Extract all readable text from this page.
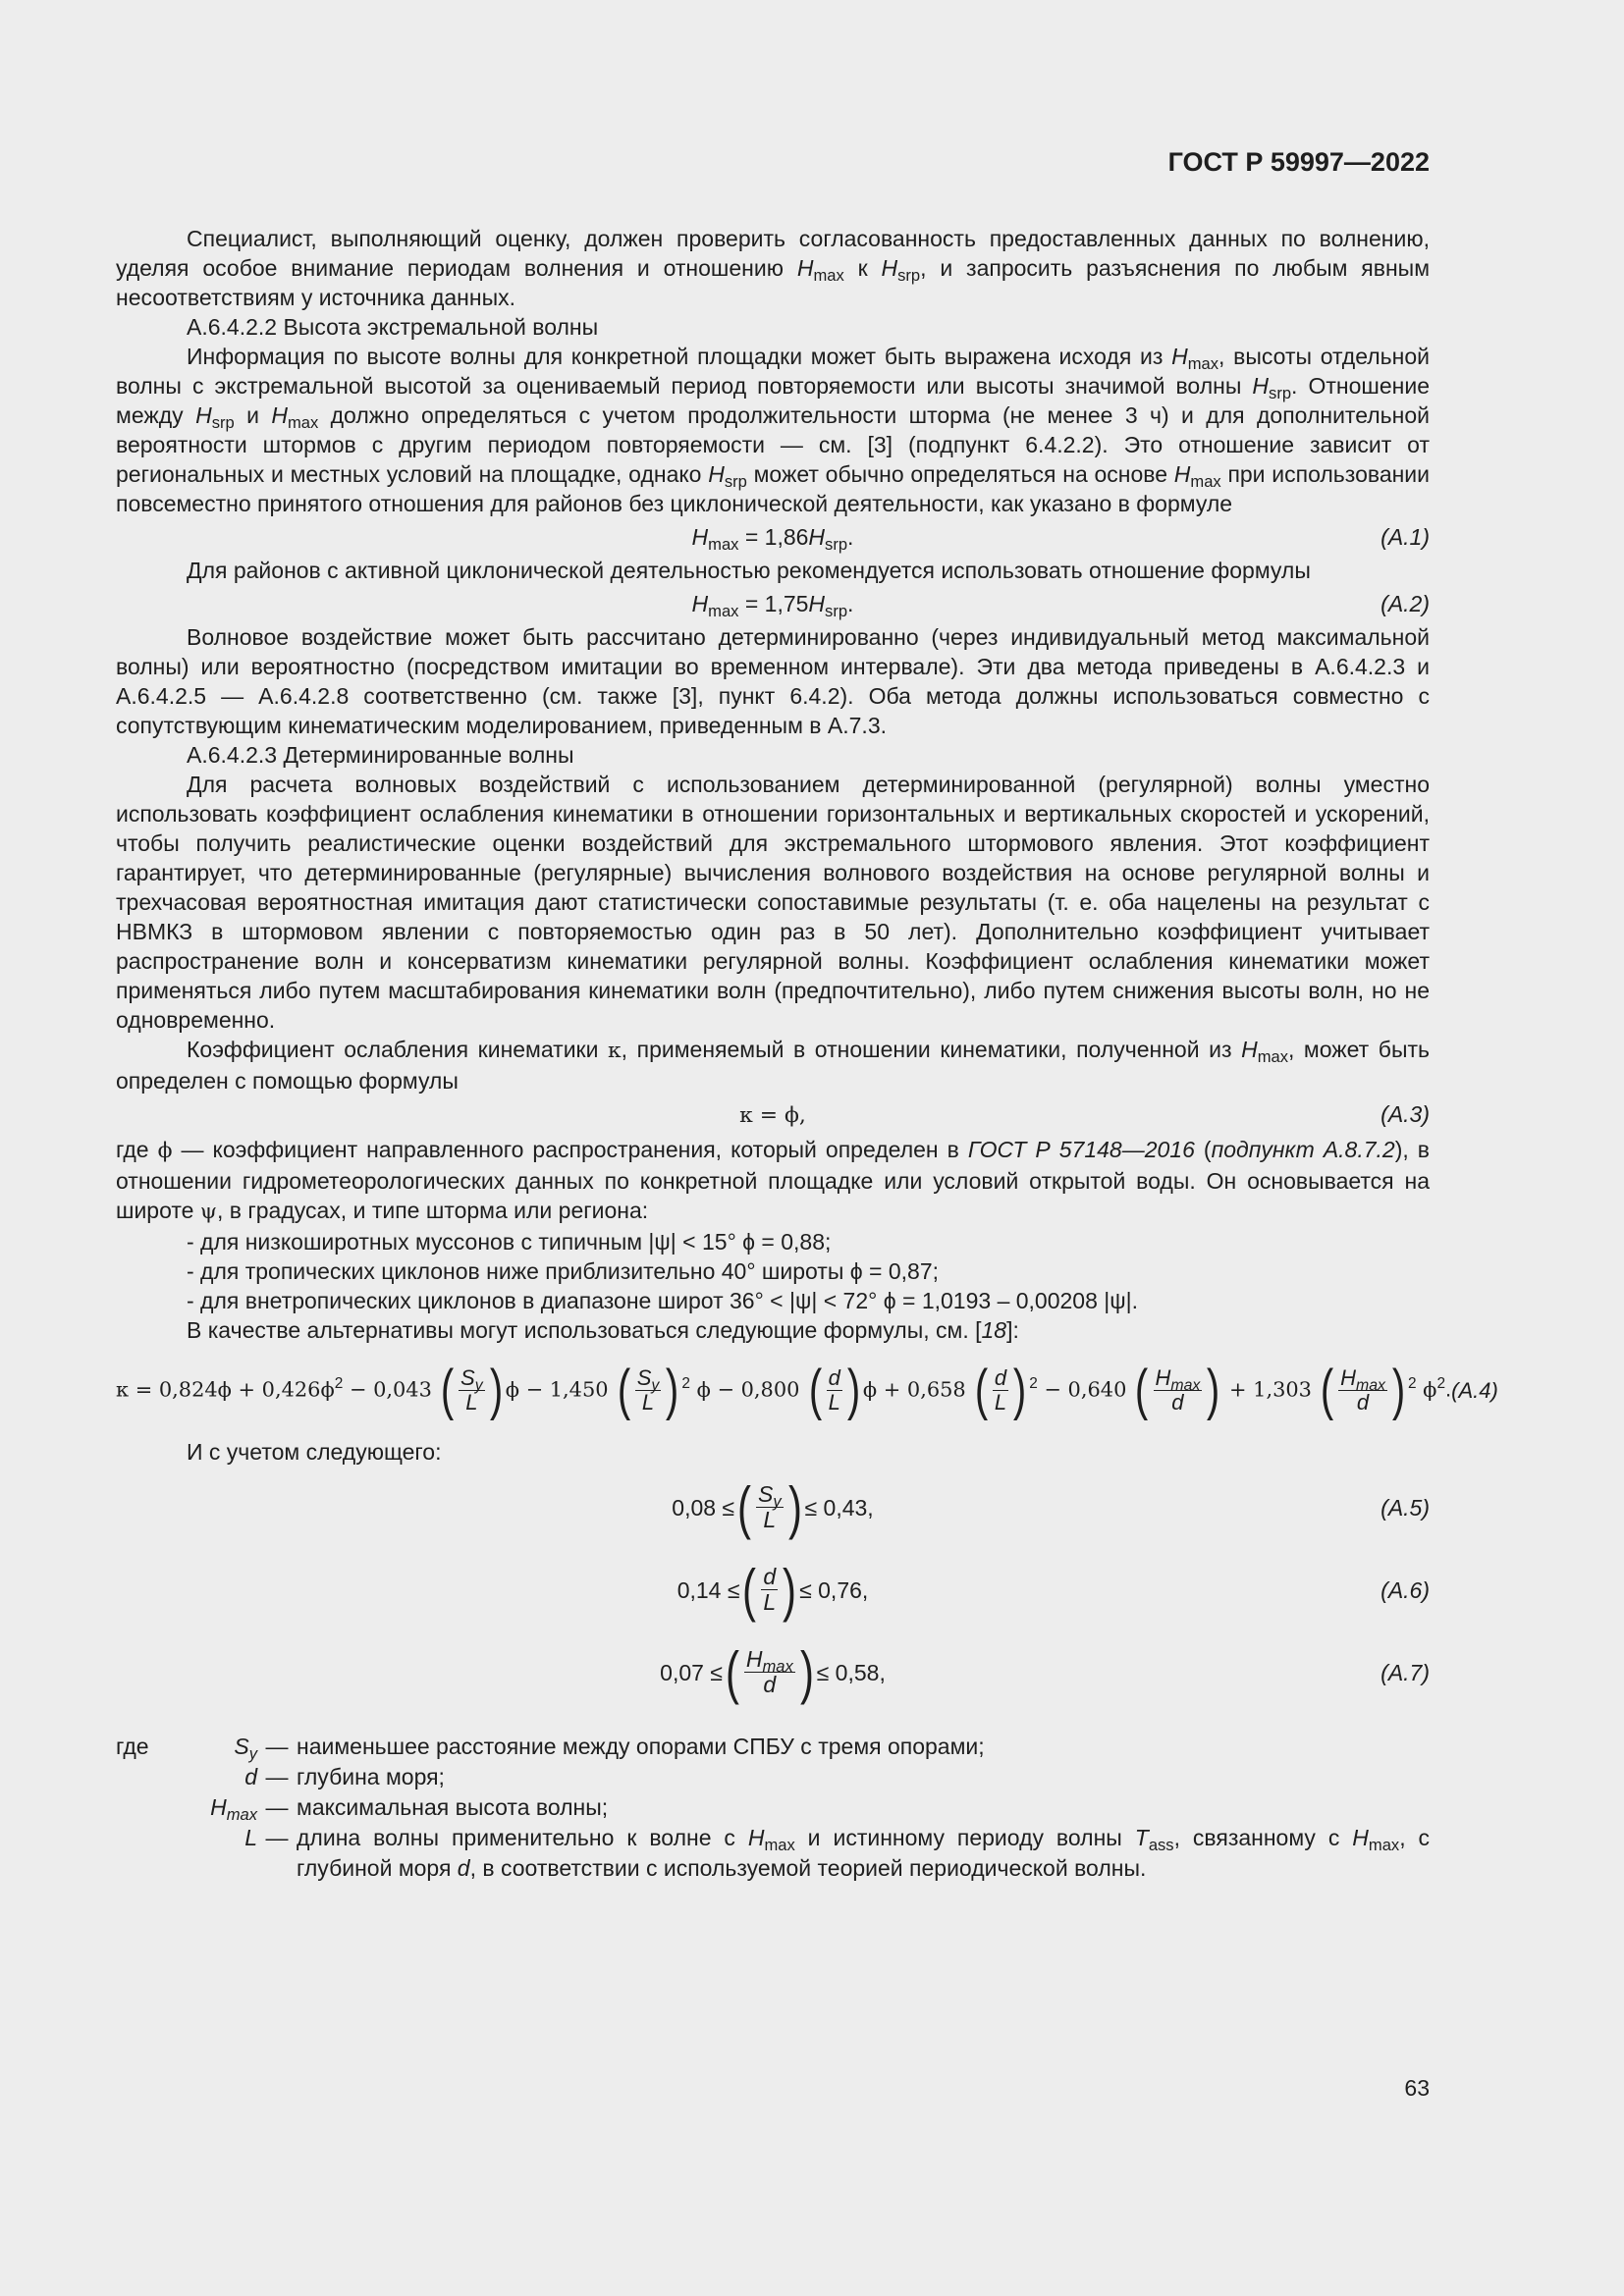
ГОСТ Р 59997—2022

Специалист, выполняющий оценку, должен проверить согласованность предоставленных данных по волнению, уделяя особое внимание периодам волнения и отношению $H_{max}$ к $H_{srp}$, и запросить разъяснения по любым явным несоответствиям у источника данных.

А.6.4.2.2 Высота экстремальной волны

Информация по высоте волны для конкретной площадки может быть выражена исходя из $H_{max}$, высоты отдельной волны с экстремальной высотой за оцениваемый период повторяемости или высоты значимой волны $H_{srp}$. Отношение между $H_{srp}$ и $H_{max}$ должно определяться с учетом продолжительности шторма (не менее 3 ч) и для дополнительной вероятности штормов с другим периодом повторяемости — см. [3] (подпункт 6.4.2.2). Это отношение зависит от региональных и местных условий на площадке, однако $H_{srp}$ может обычно определяться на основе $H_{max}$ при использовании повсеместно принятого отношения для районов без циклонической деятельности, как указано в формуле

$H_{max} = 1,86H_{srp}$.	(A.1)

Для районов с активной циклонической деятельностью рекомендуется использовать отношение формулы

$H_{max} = 1,75H_{srp}$.	(A.2)

Волновое воздействие может быть рассчитано детерминированно (через индивидуальный метод максимальной волны) или вероятностно (посредством имитации во временном интервале). Эти два метода приведены в А.6.4.2.3 и А.6.4.2.5 — А.6.4.2.8 соответственно (см. также [3], пункт 6.4.2). Оба метода должны использоваться совместно с сопутствующим кинематическим моделированием, приведенным в А.7.3.

А.6.4.2.3 Детерминированные волны

Для расчета волновых воздействий с использованием детерминированной (регулярной) волны уместно использовать коэффициент ослабления кинематики в отношении горизонтальных и вертикальных скоростей и ускорений, чтобы получить реалистические оценки воздействий для экстремального штормового явления. Этот коэффициент гарантирует, что детерминированные (регулярные) вычисления волнового воздействия на основе регулярной волны и трехчасовая вероятностная имитация дают статистически сопоставимые результаты (т. е. оба нацелены на результат с НВМКЗ в штормовом явлении с повторяемостью один раз в 50 лет). Дополнительно коэффициент учитывает распространение волн и консерватизм кинематики регулярной волны. Коэффициент ослабления кинематики может применяться либо путем масштабирования кинематики волн (предпочтительно), либо путем снижения высоты волн, но не одновременно.

Коэффициент ослабления кинематики κ, применяемый в отношении кинематики, полученной из $H_{max}$, может быть определен с помощью формулы

κ = ϕ,	(A.3)

где ϕ — коэффициент направленного распространения, который определен в ГОСТ Р 57148—2016 (подпункт А.8.7.2), в отношении гидрометеорологических данных по конкретной площадке или условий открытой воды. Он основывается на широте ψ, в градусах, и типе шторма или региона:

- для низкоширотных муссонов с типичным |ψ| < 15° ϕ = 0,88;

- для тропических циклонов ниже приблизительно 40° широты ϕ = 0,87;

- для внетропических циклонов в диапазоне широт 36° < |ψ| < 72° ϕ = 1,0193 – 0,00208 |ψ|.

В качестве альтернативы могут использоваться следующие формулы, см. [18]:

$\kappa = 0,824\phi + 0,426\phi^2 - 0,043$ ( $\frac{S_y}{L}$ ) ϕ − 1,450 ( $\frac{S_y}{L}$ ) $^2$ ϕ − 0,800 ( $\frac{d}{L}$ ) ϕ + 0,658 ( $\frac{d}{L}$ ) $^2$ − 0,640 ( $\frac{H_{max}}{d}$ ) + 1,303 ( $\frac{H_{max}}{d}$ ) $^2$ $\phi^2$. (A.4)

И с учетом следующего:

0,08 ≤ ( $\frac{S_y}{L}$ ) ≤ 0,43,	(A.5)
0,14 ≤ ( $\frac{d}{L}$ ) ≤ 0,76,	(A.6)
0,07 ≤ ( $\frac{H_{max}}{d}$ ) ≤ 0,58,	(A.7)
где	$S_y$ — наименьшее расстояние между опорами СПБУ с тремя опорами;
d — глубина моря;
$H_{max}$ — максимальная высота волны;
L — длина волны применительно к волне с $H_{max}$ и истинному периоду волны $T_{ass}$, связанному с $H_{max}$, с глубиной моря d, в соответствии с используемой теорией периодической волны.
63
